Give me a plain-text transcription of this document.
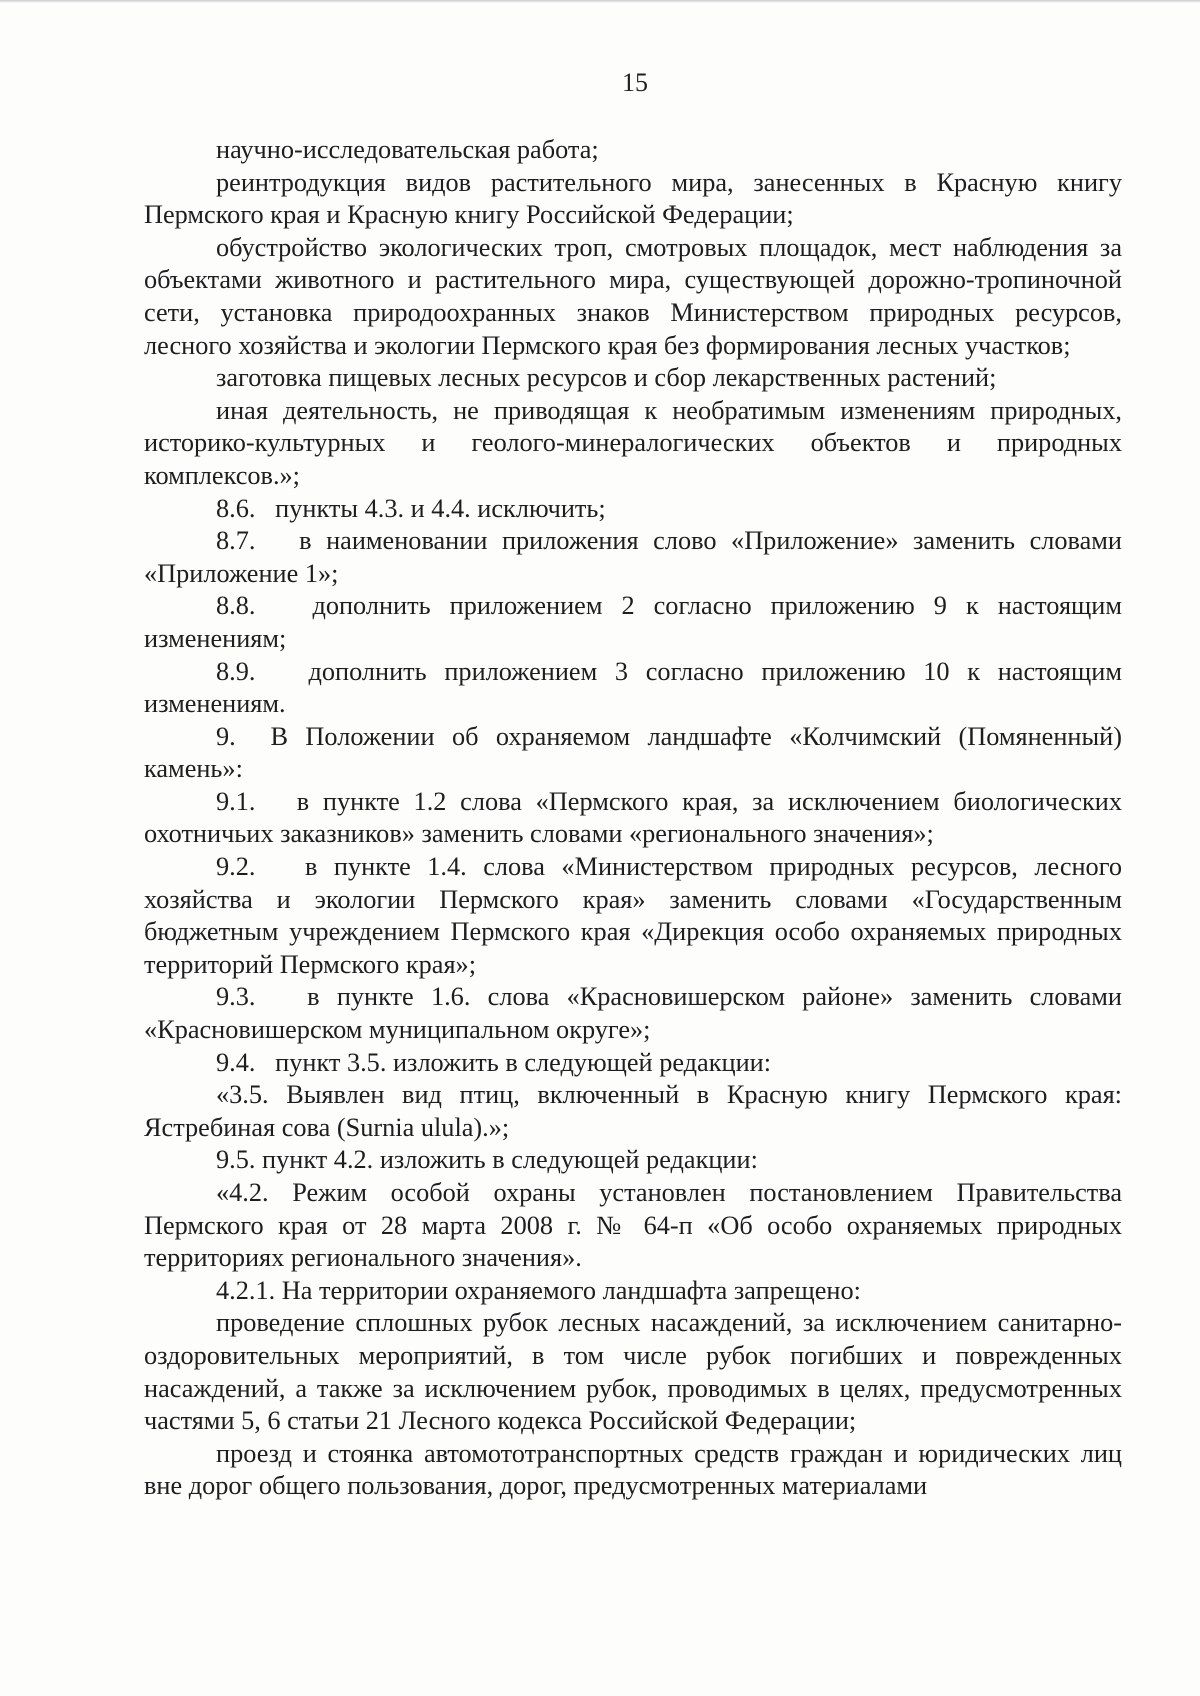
15

научно-исследовательская работа;

реинтродукция видов растительного мира, занесенных в Красную книгу Пермского края и Красную книгу Российской Федерации;

обустройство экологических троп, смотровых площадок, мест наблюдения за объектами животного и растительного мира, существующей дорожно-тропиночной сети, установка природоохранных знаков Министерством природных ресурсов, лесного хозяйства и экологии Пермского края без формирования лесных участков;

заготовка пищевых лесных ресурсов и сбор лекарственных растений;

иная деятельность, не приводящая к необратимым изменениям природных, историко-культурных и геолого-минералогических объектов и природных комплексов.»;

8.6.   пункты 4.3. и 4.4. исключить;

8.7.   в наименовании приложения слово «Приложение» заменить словами «Приложение 1»;

8.8.   дополнить приложением 2 согласно приложению 9 к настоящим изменениям;

8.9.   дополнить приложением 3 согласно приложению 10 к настоящим изменениям.

9.  В Положении об охраняемом ландшафте «Колчимский (Помяненный) камень»:

9.1.   в пункте 1.2 слова «Пермского края, за исключением биологических охотничьих заказников» заменить словами «регионального значения»;

9.2.   в пункте 1.4. слова «Министерством природных ресурсов, лесного хозяйства и экологии Пермского края» заменить словами «Государственным бюджетным учреждением Пермского края «Дирекция особо охраняемых природных территорий Пермского края»;

9.3.   в пункте 1.6. слова «Красновишерском районе» заменить словами «Красновишерском муниципальном округе»;

9.4.   пункт 3.5. изложить в следующей редакции:

«3.5. Выявлен вид птиц, включенный в Красную книгу Пермского края: Ястребиная сова (Surnia ulula).»;

9.5. пункт 4.2. изложить в следующей редакции:

«4.2. Режим особой охраны установлен постановлением Правительства Пермского края от 28 марта 2008 г. № 64-п «Об особо охраняемых природных территориях регионального значения».

4.2.1. На территории охраняемого ландшафта запрещено:

проведение сплошных рубок лесных насаждений, за исключением санитарно-оздоровительных мероприятий, в том числе рубок погибших и поврежденных насаждений, а также за исключением рубок, проводимых в целях, предусмотренных частями 5, 6 статьи 21 Лесного кодекса Российской Федерации;

проезд и стоянка автомототранспортных средств граждан и юридических лиц вне дорог общего пользования, дорог, предусмотренных материалами
